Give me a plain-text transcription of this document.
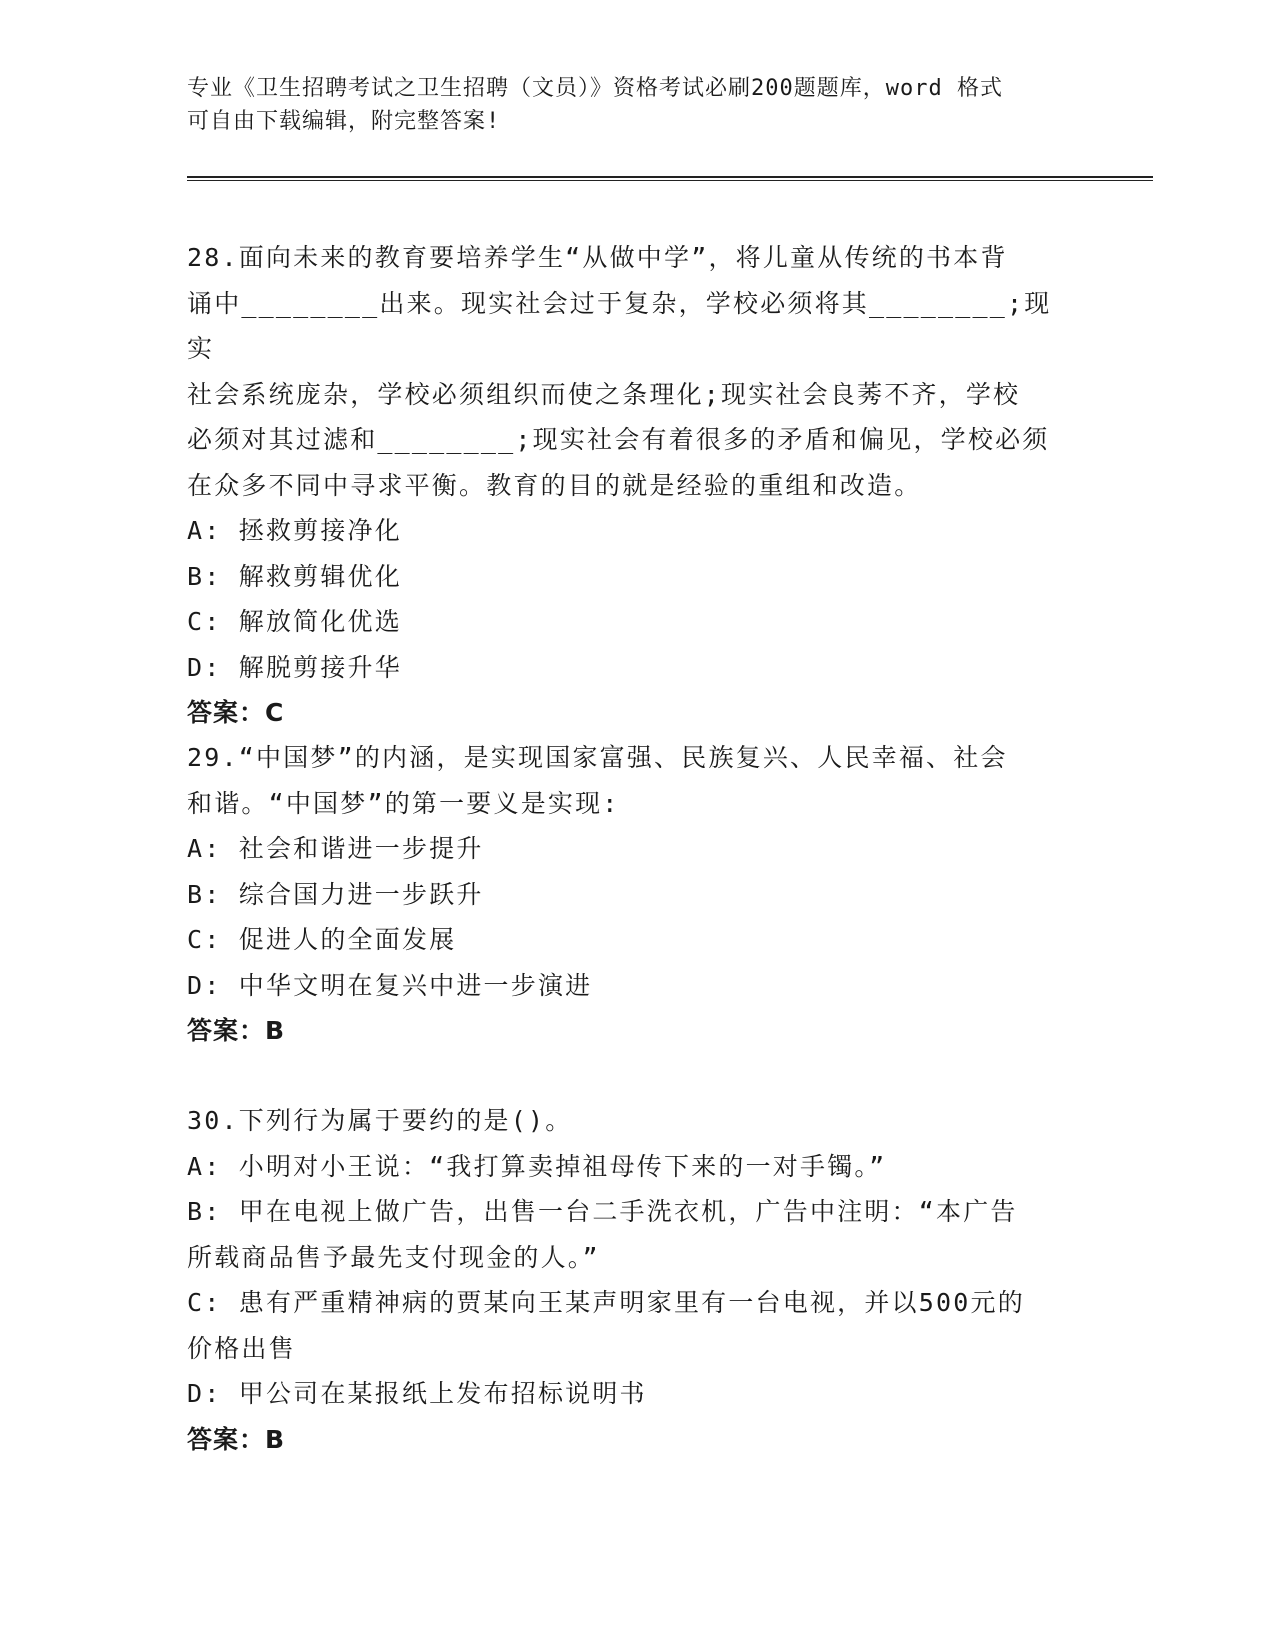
专业《卫生招聘考试之卫生招聘（文员）》资格考试必刷200题题库，word 格式
可自由下载编辑，附完整答案!
28.面向未来的教育要培养学生“从做中学”，将儿童从传统的书本背
诵中________出来。现实社会过于复杂，学校必须将其________;现实
社会系统庞杂，学校必须组织而使之条理化;现实社会良莠不齐，学校
必须对其过滤和________;现实社会有着很多的矛盾和偏见，学校必须
在众多不同中寻求平衡。教育的目的就是经验的重组和改造。
A: 拯救剪接净化
B: 解救剪辑优化
C: 解放简化优选
D: 解脱剪接升华
答案：C
29.“中国梦”的内涵，是实现国家富强、民族复兴、人民幸福、社会
和谐。“中国梦”的第一要义是实现:
A: 社会和谐进一步提升
B: 综合国力进一步跃升
C: 促进人的全面发展
D: 中华文明在复兴中进一步演进
答案：B
30.下列行为属于要约的是()。
A: 小明对小王说：“我打算卖掉祖母传下来的一对手镯。”
B: 甲在电视上做广告，出售一台二手洗衣机，广告中注明：“本广告
所载商品售予最先支付现金的人。”
C: 患有严重精神病的贾某向王某声明家里有一台电视，并以500元的
价格出售
D: 甲公司在某报纸上发布招标说明书
答案：B
